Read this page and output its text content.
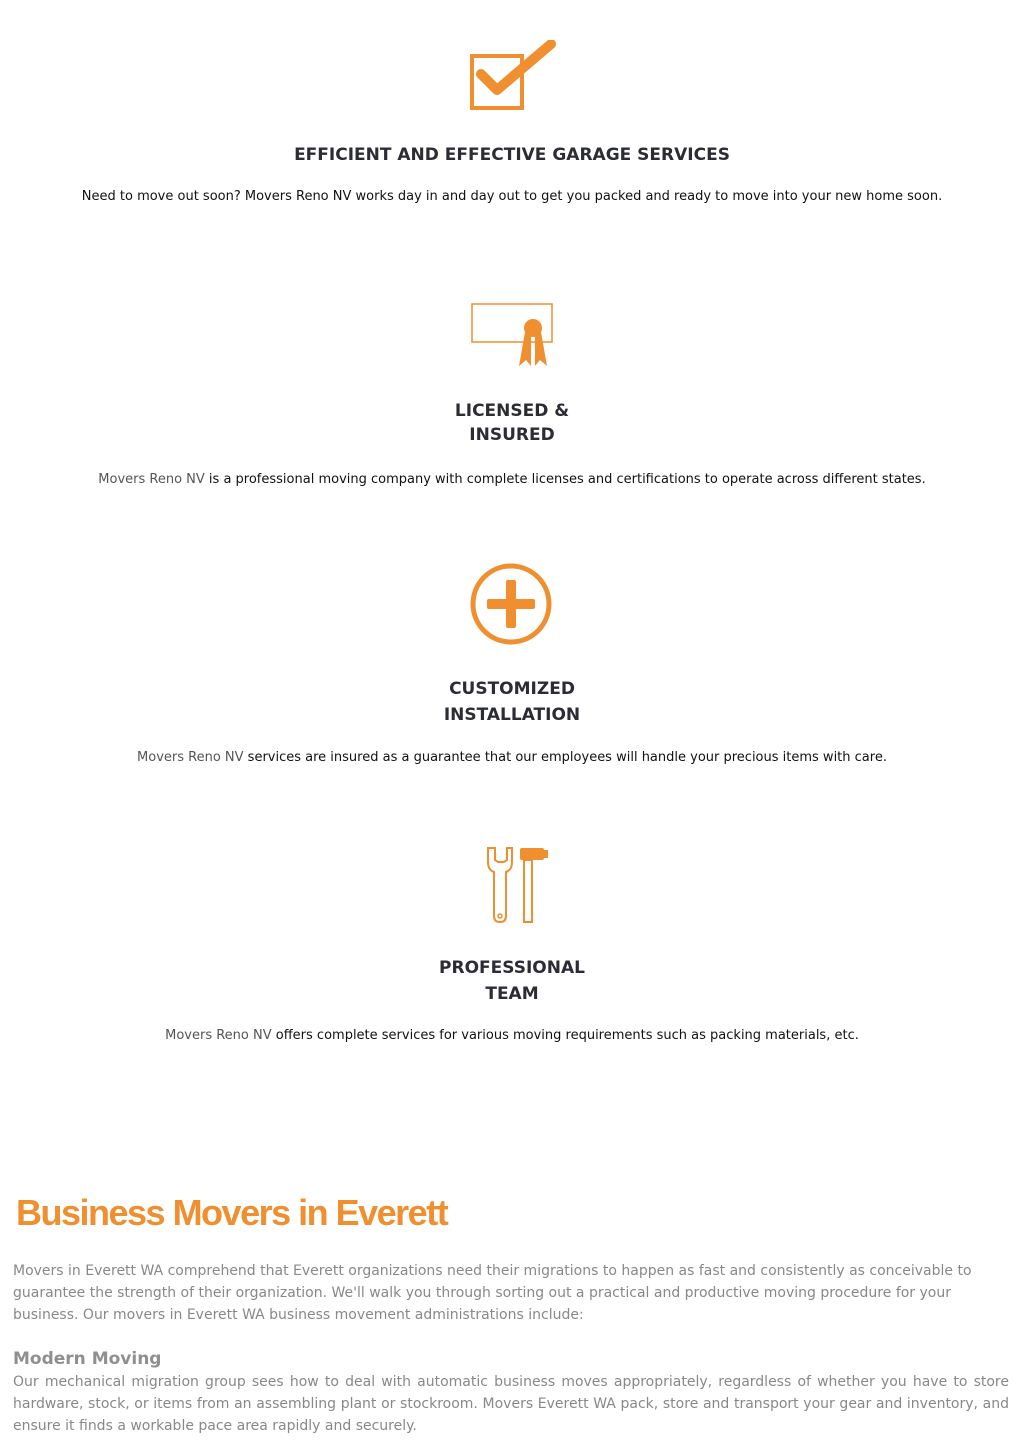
EFFICIENT AND EFFECTIVE GARAGE SERVICES
Need to move out soon? Movers Reno NV works day in and day out to get you packed and ready to move into your new home soon.
LICENSED &
INSURED
Movers Reno NV is a professional moving company with complete licenses and certifications to operate across different states.
CUSTOMIZED
INSTALLATION
Movers Reno NV services are insured as a guarantee that our employees will handle your precious items with care.
PROFESSIONAL
TEAM
Movers Reno NV offers complete services for various moving requirements such as packing materials, etc.
Business Movers in Everett

Movers in Everett WA comprehend that Everett organizations need their migrations to happen as fast and consistently as conceivable to guarantee the strength of their organization. We'll walk you through sorting out a practical and productive moving procedure for your business. Our movers in Everett WA business movement administrations include:

Modern Moving

Our mechanical migration group sees how to deal with automatic business moves appropriately, regardless of whether you have to store hardware, stock, or items from an assembling plant or stockroom. Movers Everett WA pack, store and transport your gear and inventory, and ensure it finds a workable pace area rapidly and securely.
